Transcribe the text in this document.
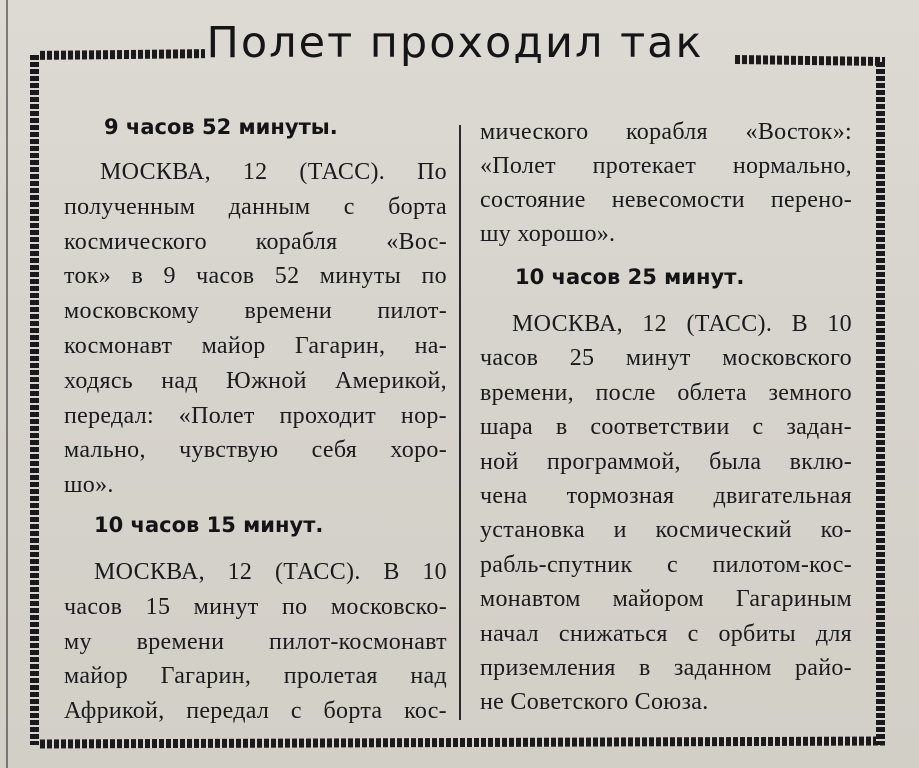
Полет проходил так
9 часов 52 минуты.
МОСКВА, 12 (ТАСС). По
полученным данным с борта
космического корабля «Вос-
ток» в 9 часов 52 минуты по
московскому времени пилот-
космонавт майор Гагарин, на-
ходясь над Южной Америкой,
передал: «Полет проходит нор-
мально, чувствую себя хоро-
шо».
10 часов 15 минут.
МОСКВА, 12 (ТАСС). В 10
часов 15 минут по московско-
му времени пилот-космонавт
майор Гагарин, пролетая над
Африкой, передал с борта кос-
мического корабля «Восток»:
«Полет протекает нормально,
состояние невесомости перено-
шу хорошо».
10 часов 25 минут.
МОСКВА, 12 (ТАСС). В 10
часов 25 минут московского
времени, после облета земного
шара в соответствии с задан-
ной программой, была вклю-
чена тормозная двигательная
установка и космический ко-
рабль-спутник с пилотом-кос-
монавтом майором Гагариным
начал снижаться с орбиты для
приземления в заданном райо-
не Советского Союза.
